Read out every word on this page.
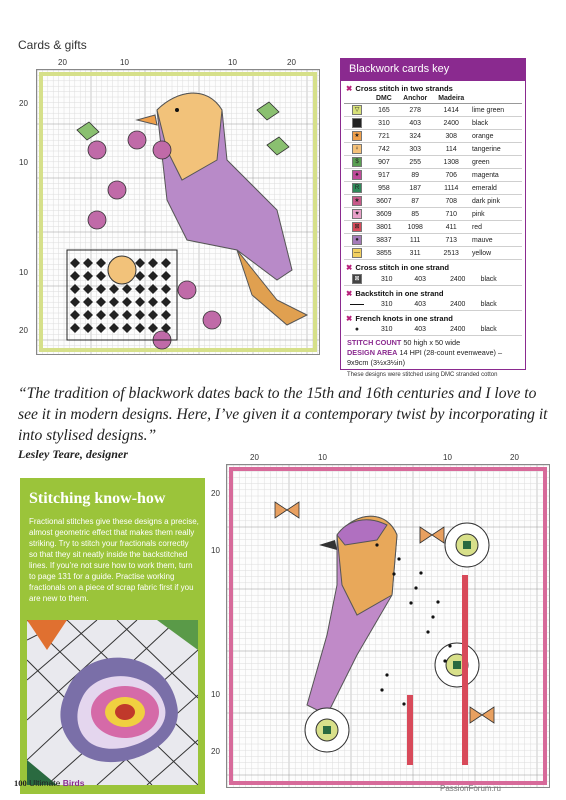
Cards & gifts
20	10	10	20
20
10
10
20
Blackwork cards key
✖ Cross stitch in two strands
	DMC	Anchor	Madeira	
▽	165	278	1414	lime green
■	310	403	2400	black
★	721	324	308	orange
♀	742	303	114	tangerine
$	907	255	1308	green
♠	917	89	706	magenta
R	958	187	1114	emerald
★	3607	87	708	dark pink
♥	3609	85	710	pink
⊠	3801	1098	411	red
●	3837	111	713	mauve
—	3855	311	2513	yellow
✖ Cross stitch in one strand
⊠	310	403	2400	black
✖ Backstitch in one strand
	310	403	2400	black
✖ French knots in one strand
●	310	403	2400	black
STITCH COUNT 50 high x 50 wide
DESIGN AREA 14 HPI (28-count evenweave) – 9x9cm (3½x3½in)
These designs were stitched using DMC stranded cotton
“The tradition of blackwork dates back to the 15th and 16th centuries and I love to see it in modern designs. Here, I’ve given it a contemporary twist by incorporating it into stylised designs.”
Lesley Teare, designer	20	10	10	20
20
10
10
20
Stitching know-how
Fractional stitches give these designs a precise, almost geometric effect that makes them really striking. Try to stitch your fractionals correctly so that they sit neatly inside the backstitched lines. If you’re not sure how to work them, turn to page 131 for a guide. Practise working fractionals on a piece of scrap fabric first if you are new to them.
100 Ultimate Birds
PassionForum.ru
